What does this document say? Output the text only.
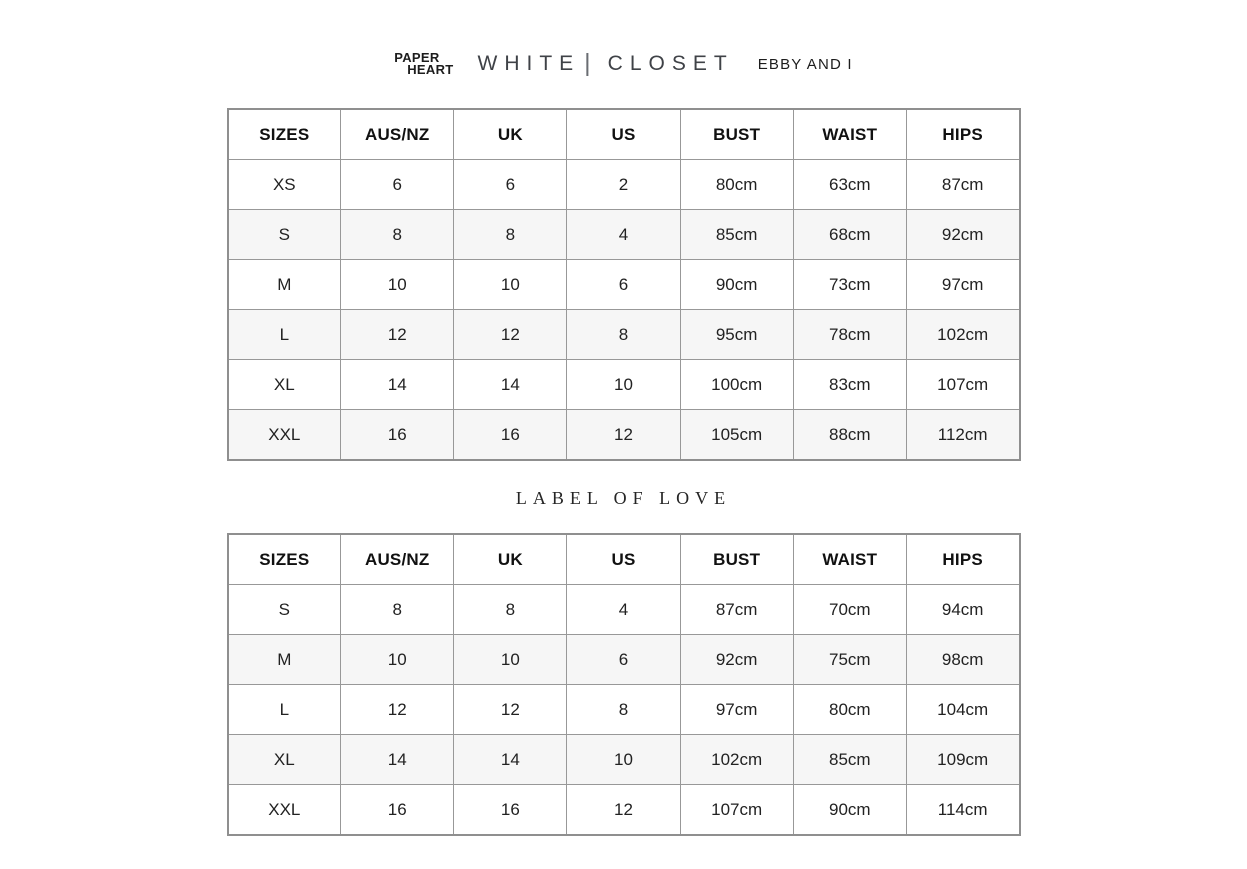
PAPER
HEART WHITE | CLOSET EBBY AND I
SIZES	AUS/NZ	UK	US	BUST	WAIST	HIPS
XS	6	6	2	80cm	63cm	87cm
S	8	8	4	85cm	68cm	92cm
M	10	10	6	90cm	73cm	97cm
L	12	12	8	95cm	78cm	102cm
XL	14	14	10	100cm	83cm	107cm
XXL	16	16	12	105cm	88cm	112cm
LABEL OF LOVE
SIZES	AUS/NZ	UK	US	BUST	WAIST	HIPS
S	8	8	4	87cm	70cm	94cm
M	10	10	6	92cm	75cm	98cm
L	12	12	8	97cm	80cm	104cm
XL	14	14	10	102cm	85cm	109cm
XXL	16	16	12	107cm	90cm	114cm
